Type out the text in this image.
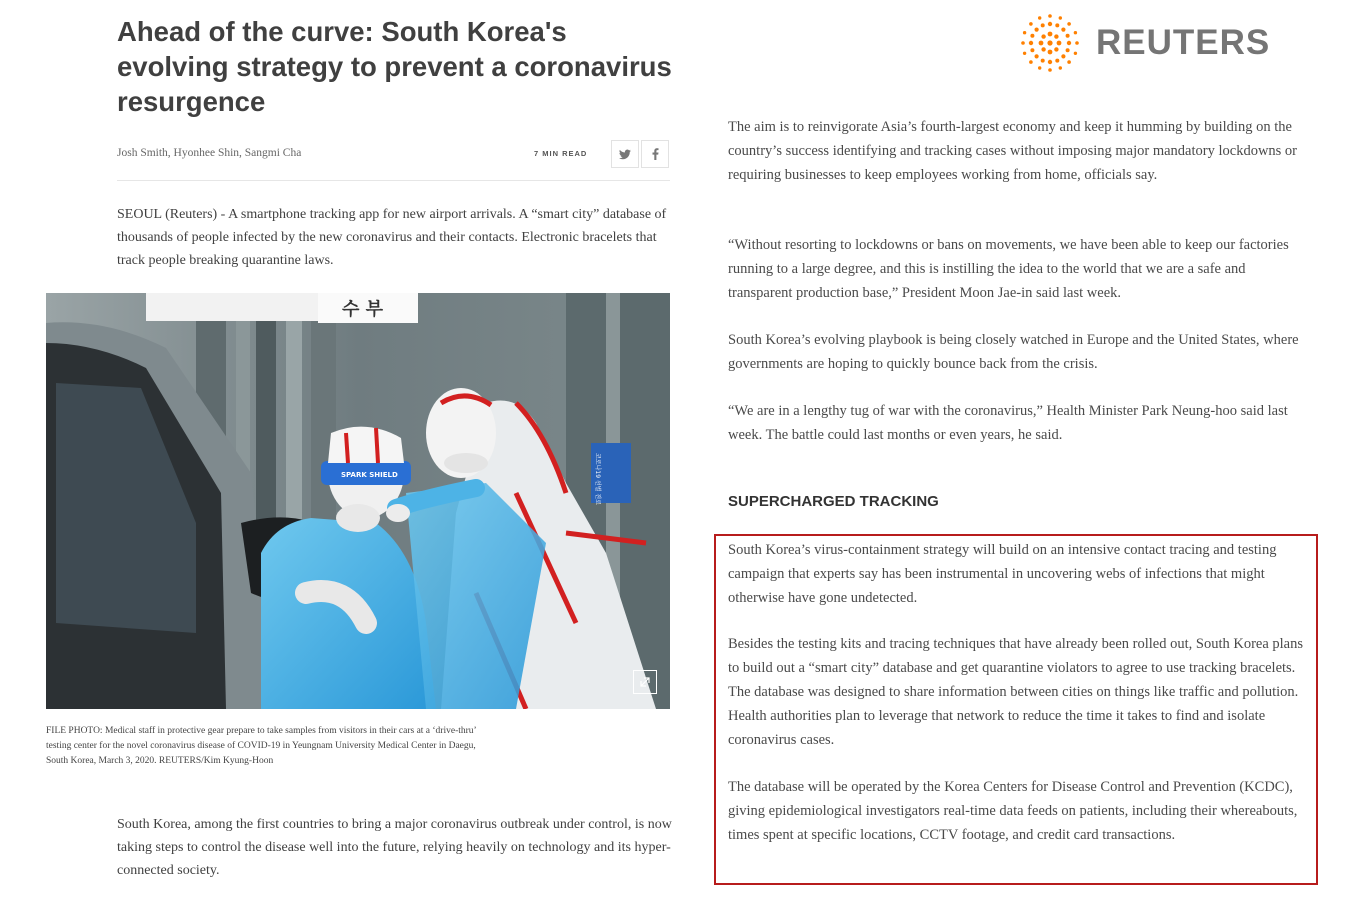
Ahead of the curve: South Korea's evolving strategy to prevent a coronavirus resurgence
Josh Smith, Hyonhee Shin, Sangmi Cha	7 MIN READ

SEOUL (Reuters) - A smartphone tracking app for new airport arrivals. A “smart city” database of thousands of people infected by the new coronavirus and their contacts. Electronic bracelets that track people breaking quarantine laws.

수 부
코로나19 선별 진료
SPARK SHIELD

FILE PHOTO: Medical staff in protective gear prepare to take samples from visitors in their cars at a ‘drive-thru’ testing center for the novel coronavirus disease of COVID-19 in Yeungnam University Medical Center in Daegu, South Korea, March 3, 2020. REUTERS/Kim Kyung-Hoon

South Korea, among the first countries to bring a major coronavirus outbreak under control, is now taking steps to control the disease well into the future, relying heavily on technology and its hyper-connected society.

REUTERS

The aim is to reinvigorate Asia’s fourth-largest economy and keep it humming by building on the country’s success identifying and tracking cases without imposing major mandatory lockdowns or requiring businesses to keep employees working from home, officials say.

“Without resorting to lockdowns or bans on movements, we have been able to keep our factories running to a large degree, and this is instilling the idea to the world that we are a safe and transparent production base,” President Moon Jae-in said last week.

South Korea’s evolving playbook is being closely watched in Europe and the United States, where governments are hoping to quickly bounce back from the crisis.

“We are in a lengthy tug of war with the coronavirus,” Health Minister Park Neung-hoo said last week. The battle could last months or even years, he said.

SUPERCHARGED TRACKING

South Korea’s virus-containment strategy will build on an intensive contact tracing and testing campaign that experts say has been instrumental in uncovering webs of infections that might otherwise have gone undetected.

Besides the testing kits and tracing techniques that have already been rolled out, South Korea plans to build out a “smart city” database and get quarantine violators to agree to use tracking bracelets. The database was designed to share information between cities on things like traffic and pollution. Health authorities plan to leverage that network to reduce the time it takes to find and isolate coronavirus cases.

The database will be operated by the Korea Centers for Disease Control and Prevention (KCDC), giving epidemiological investigators real-time data feeds on patients, including their whereabouts, times spent at specific locations, CCTV footage, and credit card transactions.
